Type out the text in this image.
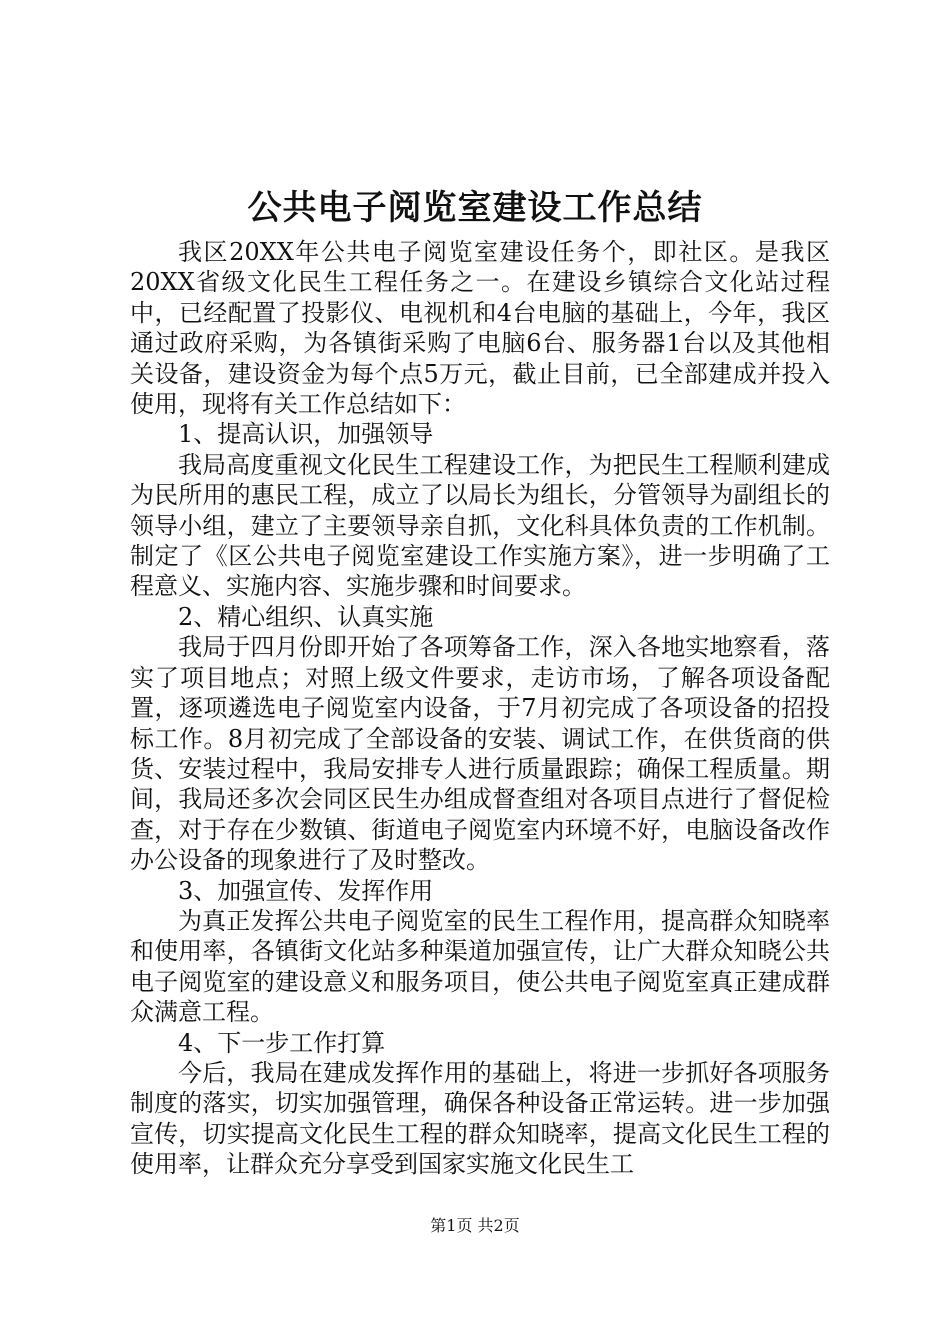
公共电子阅览室建设工作总结

我区20XX年公共电子阅览室建设任务个，即社区。是我区20XX省级文化民生工程任务之一。在建设乡镇综合文化站过程中，已经配置了投影仪、电视机和4台电脑的基础上，今年，我区通过政府采购，为各镇街采购了电脑6台、服务器1台以及其他相关设备，建设资金为每个点5万元，截止目前，已全部建成并投入使用，现将有关工作总结如下：

1、提高认识，加强领导

我局高度重视文化民生工程建设工作，为把民生工程顺利建成为民所用的惠民工程，成立了以局长为组长，分管领导为副组长的领导小组，建立了主要领导亲自抓，文化科具体负责的工作机制。制定了《区公共电子阅览室建设工作实施方案》，进一步明确了工程意义、实施内容、实施步骤和时间要求。

2、精心组织、认真实施

我局于四月份即开始了各项筹备工作，深入各地实地察看，落实了项目地点；对照上级文件要求，走访市场，了解各项设备配置，逐项遴选电子阅览室内设备，于7月初完成了各项设备的招投标工作。8月初完成了全部设备的安装、调试工作，在供货商的供货、安装过程中，我局安排专人进行质量跟踪；确保工程质量。期间，我局还多次会同区民生办组成督查组对各项目点进行了督促检查，对于存在少数镇、街道电子阅览室内环境不好，电脑设备改作办公设备的现象进行了及时整改。

3、加强宣传、发挥作用

为真正发挥公共电子阅览室的民生工程作用，提高群众知晓率和使用率，各镇街文化站多种渠道加强宣传，让广大群众知晓公共电子阅览室的建设意义和服务项目，使公共电子阅览室真正建成群众满意工程。

4、下一步工作打算

今后，我局在建成发挥作用的基础上，将进一步抓好各项服务制度的落实，切实加强管理，确保各种设备正常运转。进一步加强宣传，切实提高文化民生工程的群众知晓率，提高文化民生工程的使用率，让群众充分享受到国家实施文化民生工

第1页 共2页
